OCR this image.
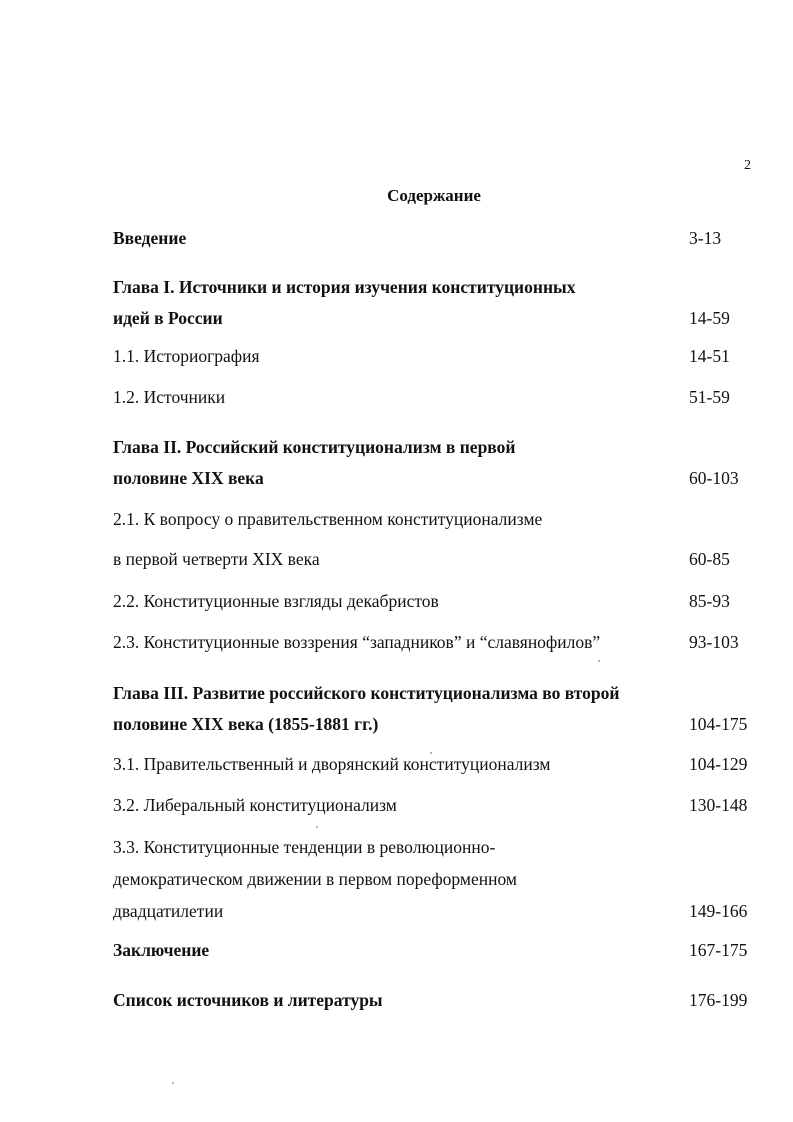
2
Содержание
Введение	3-13
Глава I. Источники и история изучения конституционных
идей в России	14-59
1.1. Историография	14-51
1.2. Источники	51-59
Глава II. Российский конституционализм в первой
половине XIX века	60-103
2.1. К вопросу о правительственном конституционализме
в первой четверти XIX века	60-85
2.2. Конституционные взгляды декабристов	85-93
2.3. Конституционные воззрения “западников” и “славянофилов”	93-103
Глава III. Развитие российского конституционализма во второй
половине XIX века (1855-1881 гг.)	104-175
3.1. Правительственный и дворянский конституционализм	104-129
3.2. Либеральный конституционализм	130-148
3.3. Конституционные тенденции в революционно-
демократическом движении в первом пореформенном
двадцатилетии	149-166
Заключение	167-175
Список источников и литературы	176-199
